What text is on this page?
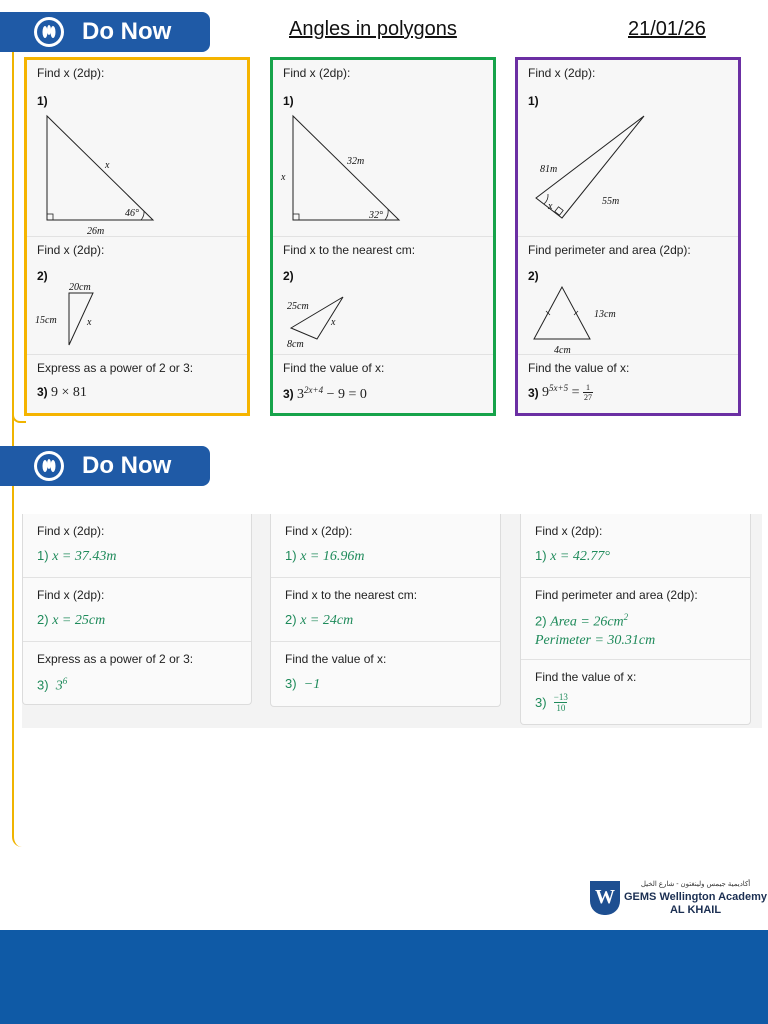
Do Now	Angles in polygons	21/01/26
Find x (2dp):
1)
x
26m
46°
Find x (2dp):
2)
20cm
15cm	x
Express as a power of 2 or 3:
3) 9 × 81
Find x (2dp):
1)
32m
x
32°
Find x to the nearest cm:
2)
25cm
x
8cm
Find the value of x:
3) $3^{2x+4} - 9 = 0$
Find x (2dp):
1)
81m
55m
x
Find perimeter and area (2dp):
2)
13cm
4cm
Find the value of x:
3)
9 $5x+5 = \frac{1}{27}$
Do Now
Find x (2dp):
1) x = 37.43m
Find x (2dp):
2) x = 25cm
Express as a power of 2 or 3:
3) $3^6$
Find x (2dp):
1) x = 16.96m
Find x to the nearest cm:
2) x = 24cm
Find the value of x:
3) −1
Find x (2dp):
1) x = 42.77°
Find perimeter and area (2dp):
2) Area = $26cm^2$
Perimeter = 30.31cm
Find the value of x:
3)
$\frac{-13}{10}$
W
أكاديمية جيمس ولينغتون - شارع الخيل
GEMS Wellington Academy
AL KHAIL
